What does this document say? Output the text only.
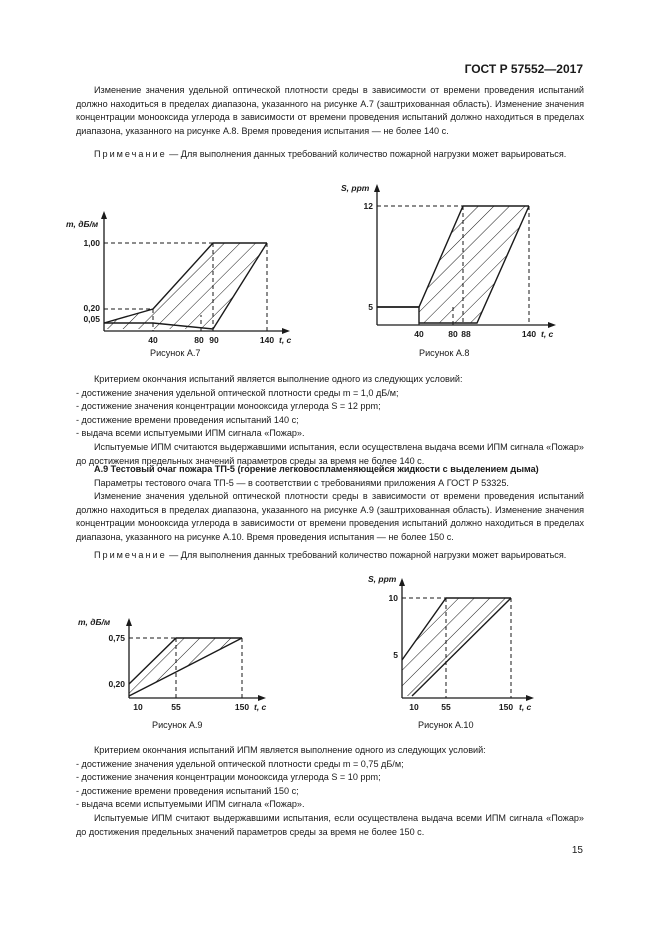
ГОСТ Р 57552—2017

Изменение значения удельной оптической плотности среды в зависимости от времени проведения испытаний должно находиться в пределах диапазона, указанного на рисунке А.7 (заштрихованная область). Изменение значения концентрации монооксида углерода в зависимости от времени проведения испытаний должно находиться в пределах диапазона, указанного на рисунке А.8. Время проведения испытания — не более 140 с.

Примечание — Для выполнения данных требований количество пожарной нагрузки может варьироваться.

m, дБ/м
1,00
0,20
0,05
40	80 90	140 t, с
Рисунок А.7
S, ppm
12
5
40	80 88	140 t, с
Рисунок А.8

Критерием окончания испытаний является выполнение одного из следующих условий:

- достижение значения удельной оптической плотности среды m = 1,0 дБ/м;

- достижение значения концентрации монооксида углерода S = 12 ppm;

- достижение времени проведения испытаний 140 с;

- выдача всеми испытуемыми ИПМ сигнала «Пожар».

Испытуемые ИПМ считаются выдержавшими испытания, если осуществлена выдача всеми ИПМ сигнала «Пожар» до достижения предельных значений параметров среды за время не более 140 с.

А.9 Тестовый очаг пожара ТП-5 (горение легковоспламеняющейся жидкости с выделением дыма)

Параметры тестового очага ТП-5 — в соответствии с требованиями приложения А ГОСТ Р 53325.

Изменение значения удельной оптической плотности среды в зависимости от времени проведения испытаний должно находиться в пределах диапазона, указанного на рисунке А.9 (заштрихованная область). Изменение значения концентрации монооксида углерода в зависимости от времени проведения испытаний должно находиться в пределах диапазона, указанного на рисунке А.10. Время проведения испытания — не более 150 с.

Примечание — Для выполнения данных требований количество пожарной нагрузки может варьироваться.

m, дБ/м
0,75
0,20
10	55	150 t, с
Рисунок А.9
S, ppm
10
5
10	55	150 t, с
Рисунок А.10

Критерием окончания испытаний ИПМ является выполнение одного из следующих условий:

- достижение значения удельной оптической плотности среды m = 0,75 дБ/м;

- достижение значения концентрации монооксида углерода S = 10 ppm;

- достижение времени проведения испытаний 150 с;

- выдача всеми испытуемыми ИПМ сигнала «Пожар».

Испытуемые ИПМ считают выдержавшими испытания, если осуществлена выдача всеми ИПМ сигнала «Пожар» до достижения предельных значений параметров среды за время не более 150 с.

15
